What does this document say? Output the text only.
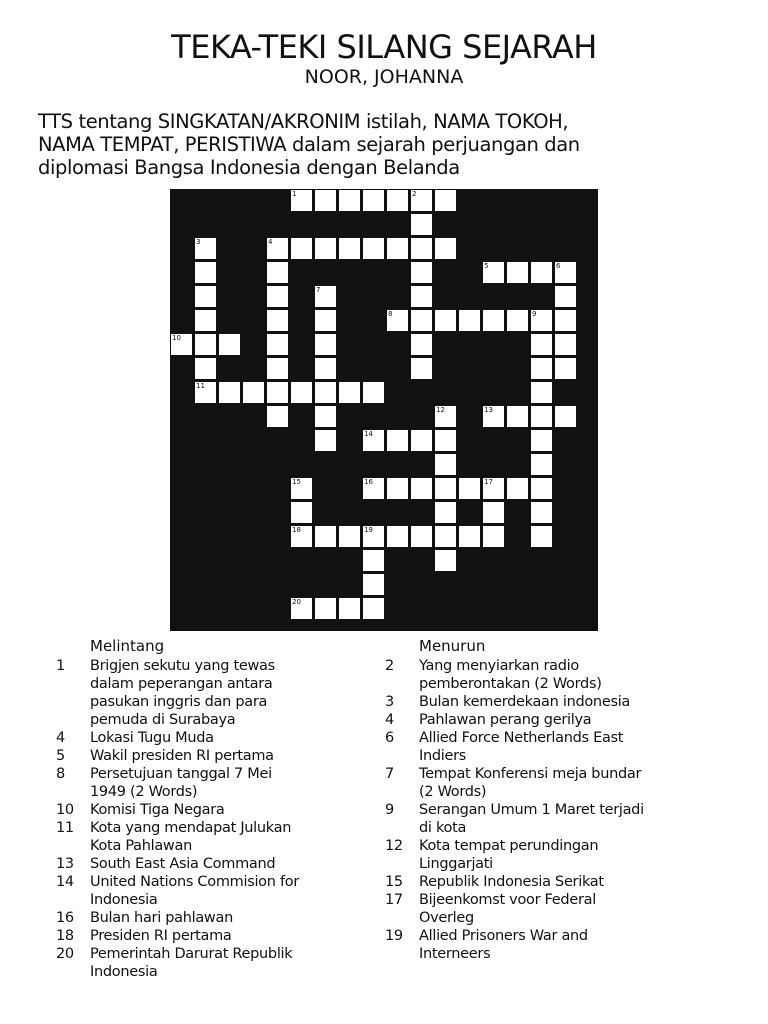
TEKA-TEKI SILANG SEJARAH
NOOR, JOHANNA
TTS tentang SINGKATAN/AKRONIM istilah, NAMA TOKOH,
NAMA TEMPAT, PERISTIWA dalam sejarah perjuangan dan
diplomasi Bangsa Indonesia dengan Belanda
1	2
3	4
5	6
7
8	9
10
11
12	13
14
15	16	17
18	19
20
Melintang	Menurun
1	Brigjen sekutu yang tewas
dalam peperangan antara
pasukan inggris dan para
pemuda di Surabaya
4	Lokasi Tugu Muda
5	Wakil presiden RI pertama
8	Persetujuan tanggal 7 Mei
1949 (2 Words)
10	Komisi Tiga Negara
11	Kota yang mendapat Julukan
Kota Pahlawan
13	South East Asia Command
14	United Nations Commision for
Indonesia
16	Bulan hari pahlawan
18	Presiden RI pertama
20	Pemerintah Darurat Republik
Indonesia
2	Yang menyiarkan radio
pemberontakan (2 Words)
3	Bulan kemerdekaan indonesia
4	Pahlawan perang gerilya
6	Allied Force Netherlands East
Indiers
7	Tempat Konferensi meja bundar
(2 Words)
9	Serangan Umum 1 Maret terjadi
di kota
12	Kota tempat perundingan
Linggarjati
15	Republik Indonesia Serikat
17	Bijeenkomst voor Federal
Overleg
19	Allied Prisoners War and
Interneers
